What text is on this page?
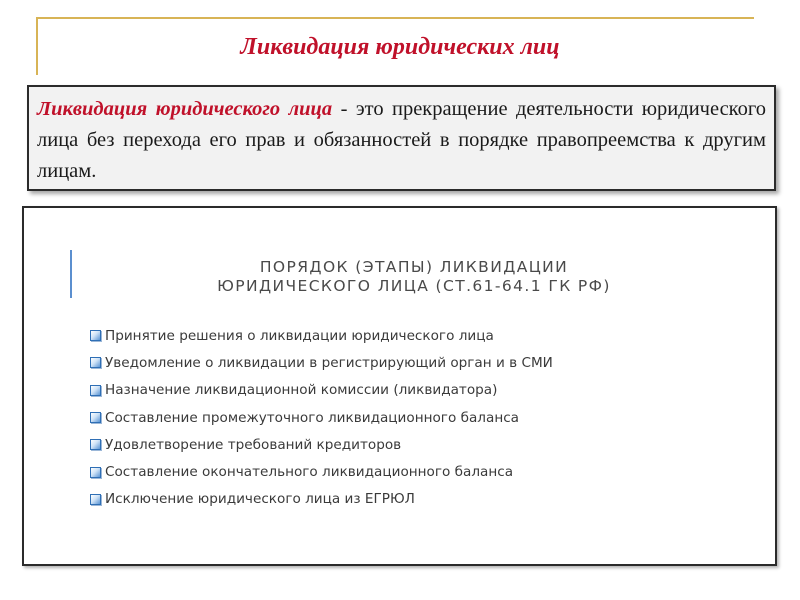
Ликвидация юридических лиц

Ликвидация юридического лица - это прекращение деятельности юридического лица без перехода его прав и обязанностей в порядке правопреемства к другим лицам.

ПОРЯДОК (ЭТАПЫ) ЛИКВИДАЦИИ
ЮРИДИЧЕСКОГО ЛИЦА (СТ.61-64.1 ГК РФ)
Принятие решения о ликвидации юридического лица
Уведомление о ликвидации в регистрирующий орган и в СМИ
Назначение ликвидационной комиссии (ликвидатора)
Составление промежуточного ликвидационного баланса
Удовлетворение требований кредиторов
Составление окончательного ликвидационного баланса
Исключение юридического лица из ЕГРЮЛ
